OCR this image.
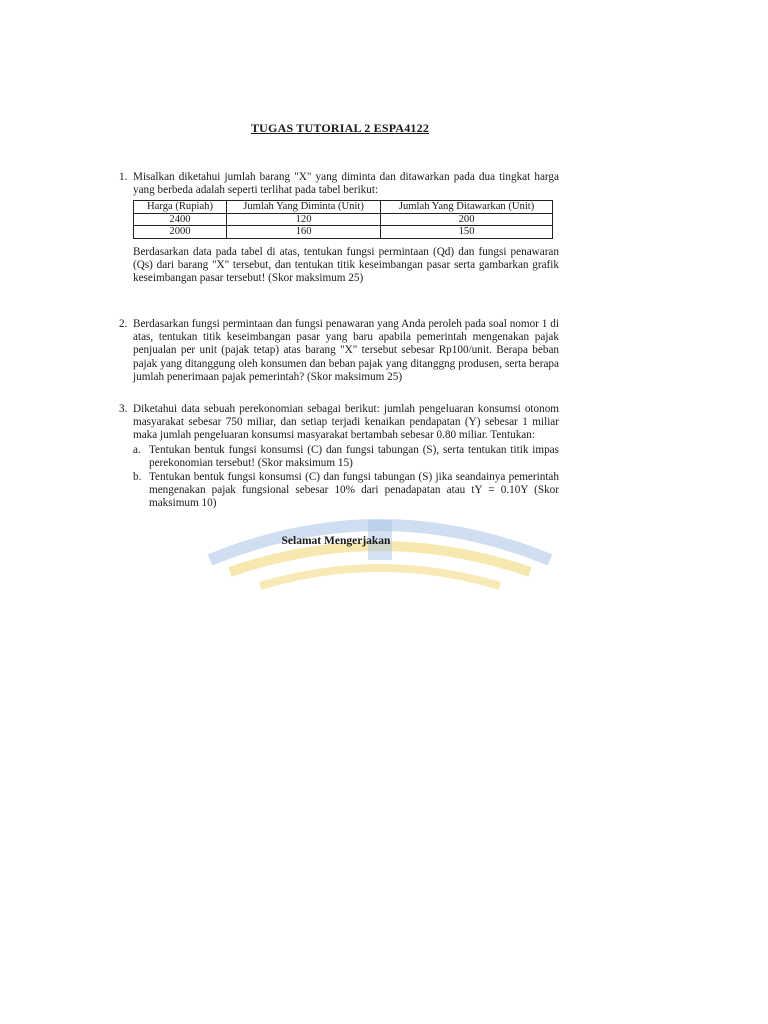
TUGAS TUTORIAL 2 ESPA4122
1. Misalkan diketahui jumlah barang "X" yang diminta dan ditawarkan pada dua tingkat harga yang berbeda adalah seperti terlihat pada tabel berikut:

Harga (Rupiah)	Jumlah Yang Diminta (Unit)	Jumlah Yang Ditawarkan (Unit)
2400	120	200
2000	160	150

Berdasarkan data pada tabel di atas, tentukan fungsi permintaan (Qd) dan fungsi penawaran (Qs) dari barang "X" tersebut, dan tentukan titik keseimbangan pasar serta gambarkan grafik keseimbangan pasar tersebut! (Skor maksimum 25)

2. Berdasarkan fungsi permintaan dan fungsi penawaran yang Anda peroleh pada soal nomor 1 di atas, tentukan titik keseimbangan pasar yang baru apabila pemerintah mengenakan pajak penjualan per unit (pajak tetap) atas barang "X" tersebut sebesar Rp100/unit. Berapa beban pajak yang ditanggung oleh konsumen dan beban pajak yang ditanggng produsen, serta berapa jumlah penerimaan pajak pemerintah? (Skor maksimum 25)

3. Diketahui data sebuah perekonomian sebagai berikut: jumlah pengeluaran konsumsi otonom masyarakat sebesar 750 miliar, dan setiap terjadi kenaikan pendapatan (Y) sebesar 1 miliar maka jumlah pengeluaran konsumsi masyarakat bertambah sebesar 0.80 miliar. Tentukan:

a. Tentukan bentuk fungsi konsumsi (C) dan fungsi tabungan (S), serta tentukan titik impas perekonomian tersebut! (Skor maksimum 15)
b. Tentukan bentuk fungsi konsumsi (C) dan fungsi tabungan (S) jika seandainya pemerintah mengenakan pajak fungsional sebesar 10% dari penadapatan atau tY = 0.10Y (Skor maksimum 10)
Selamat Mengerjakan
